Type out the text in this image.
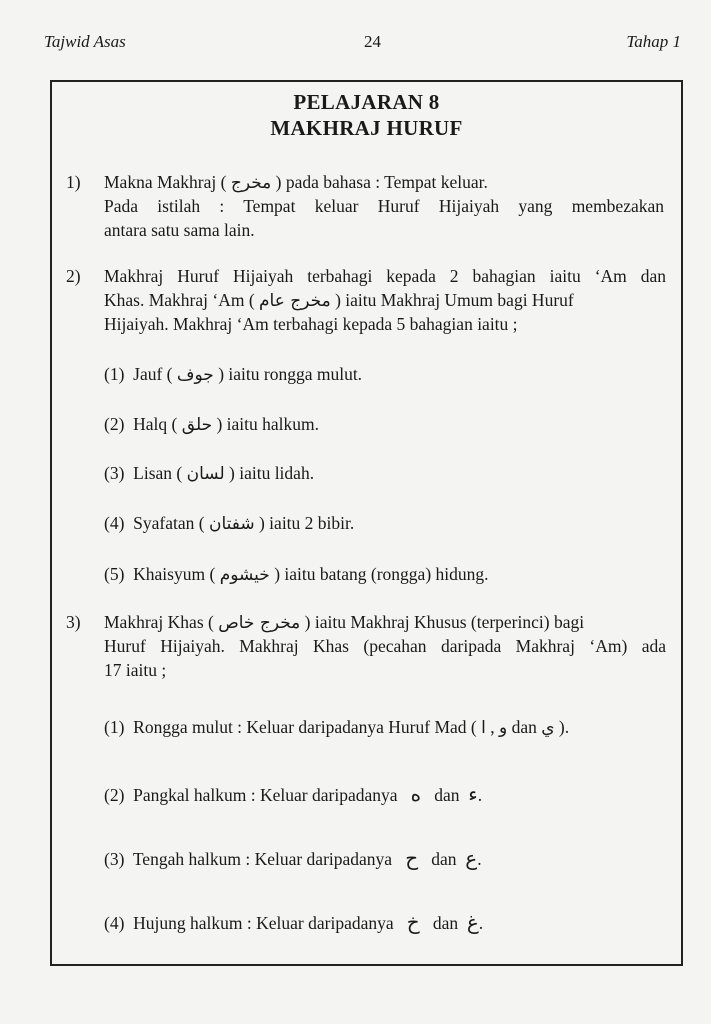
Tajwid Asas	24	Tahap 1
PELAJARAN 8
MAKHRAJ HURUF
1) Makna Makhraj ( مخرج ) pada bahasa : Tempat keluar.
Pada istilah : Tempat keluar Huruf Hijaiyah yang membezakan
antara satu sama lain.
2) Makhraj Huruf Hijaiyah terbahagi kepada 2 bahagian iaitu ‘Am dan
Khas. Makhraj ‘Am ( مخرج عام ) iaitu Makhraj Umum bagi Huruf
Hijaiyah. Makhraj ‘Am terbahagi kepada 5 bahagian iaitu ;
(1) Jauf ( جوف ) iaitu rongga mulut.
(2) Halq ( حلق ) iaitu halkum.
(3) Lisan ( لسان ) iaitu lidah.
(4) Syafatan ( شفتان ) iaitu 2 bibir.
(5) Khaisyum ( خيشوم ) iaitu batang (rongga) hidung.
3) Makhraj Khas ( مخرج خاص ) iaitu Makhraj Khusus (terperinci) bagi
Huruf Hijaiyah. Makhraj Khas (pecahan daripada Makhraj ‘Am) ada
17 iaitu ;
(1) Rongga mulut : Keluar daripadanya Huruf Mad ( ا , و dan ي ).
(2) Pangkal halkum : Keluar daripadanya ه dan ء.
(3) Tengah halkum : Keluar daripadanya ح dan ع.
(4) Hujung halkum : Keluar daripadanya خ dan غ.
